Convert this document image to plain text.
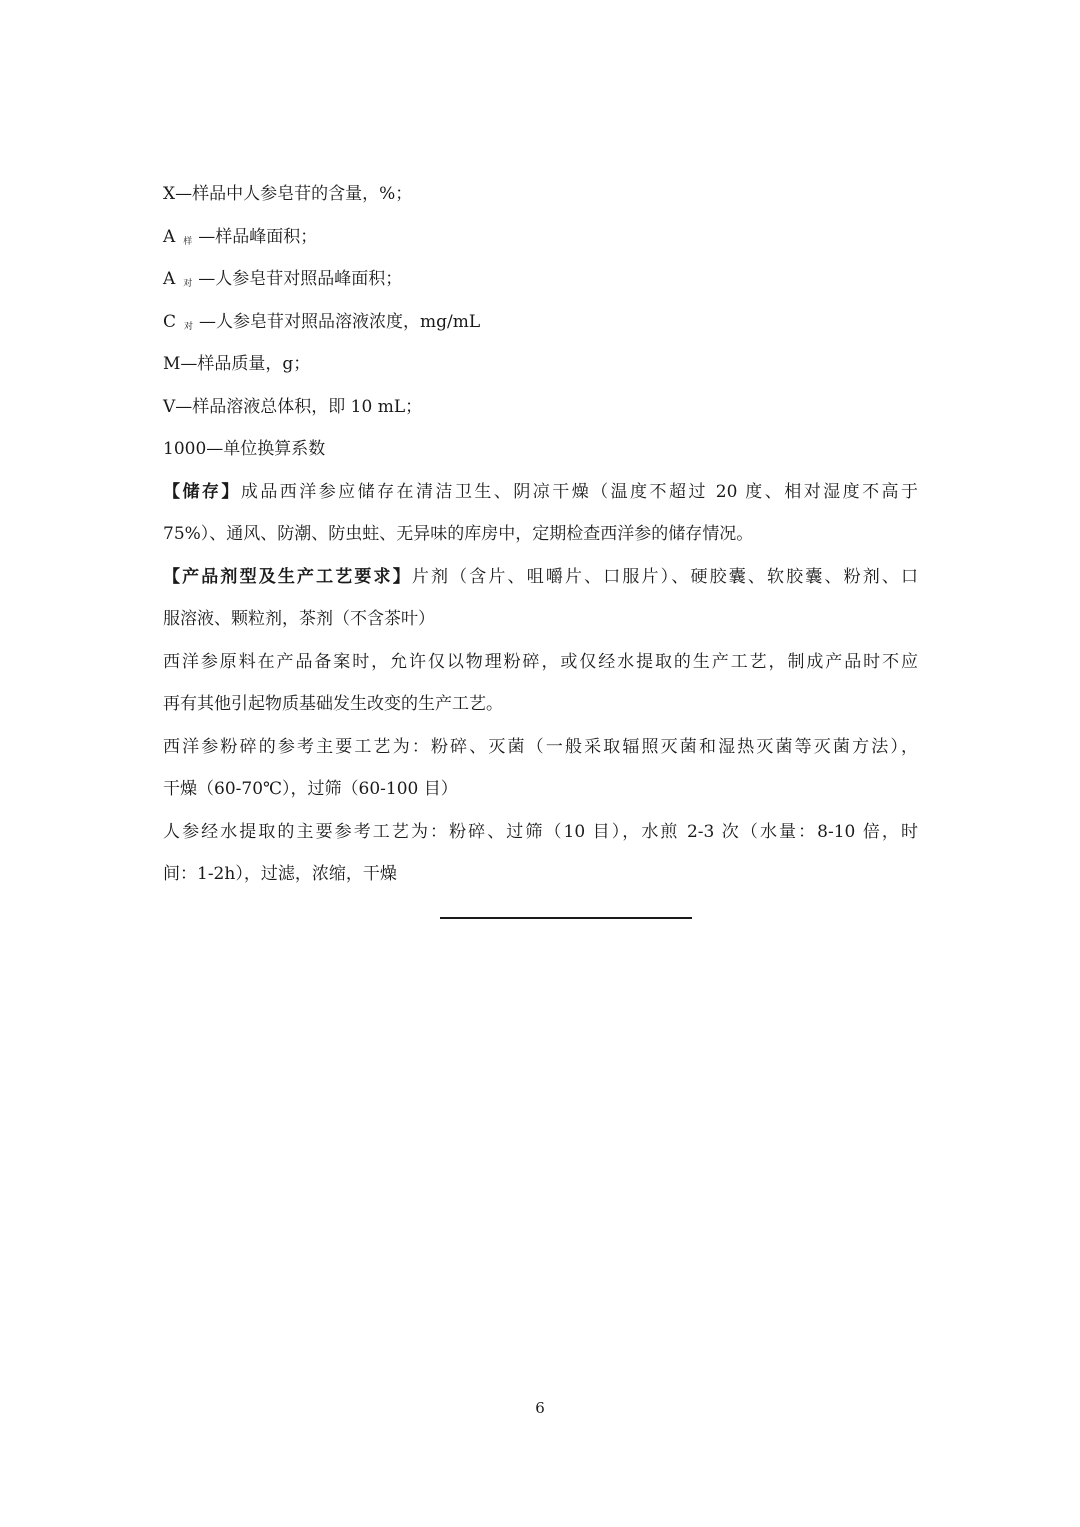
X—样品中人参皂苷的含量，%；
A $_样$ —样品峰面积；
A $_对$ —人参皂苷对照品峰面积；
C $_对$ —人参皂苷对照品溶液浓度，mg/mL
M—样品质量，g；
V—样品溶液总体积，即 10 mL；
1000—单位换算系数
【储存】成品西洋参应储存在清洁卫生、阴凉干燥（温度不超过 20 度、相对湿度不高于
75%）、通风、防潮、防虫蛀、无异味的库房中，定期检查西洋参的储存情况。
【产品剂型及生产工艺要求】片剂（含片、咀嚼片、口服片）、硬胶囊、软胶囊、粉剂、口
服溶液、颗粒剂，茶剂（不含茶叶）
西洋参原料在产品备案时，允许仅以物理粉碎，或仅经水提取的生产工艺，制成产品时不应
再有其他引起物质基础发生改变的生产工艺。
西洋参粉碎的参考主要工艺为：粉碎、灭菌（一般采取辐照灭菌和湿热灭菌等灭菌方法），
干燥（60-70℃），过筛（60-100 目）
人参经水提取的主要参考工艺为：粉碎、过筛（10 目），水煎 2-3 次（水量：8-10 倍，时
间：1-2h），过滤，浓缩，干燥
6
